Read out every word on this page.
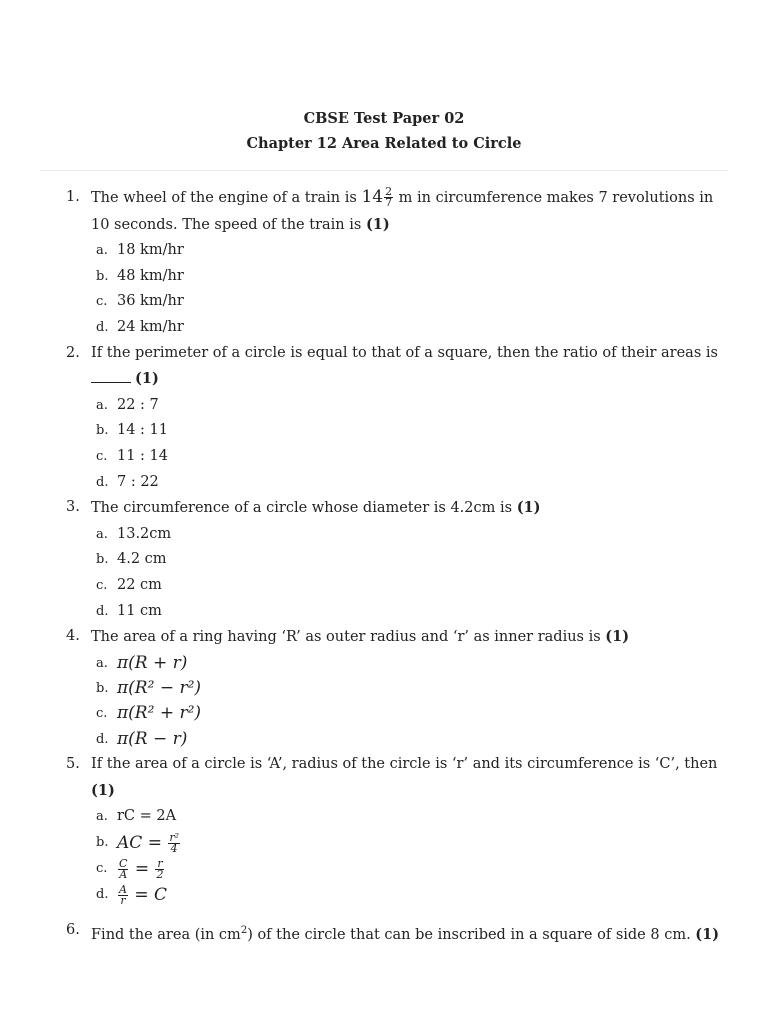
CBSE Test Paper 02
Chapter 12 Area Related to Circle
1. The wheel of the engine of a train is $14 \frac{2}{7}$ m in circumference makes 7 revolutions in 10 seconds. The speed of the train is (1)
a. 18 km/hr
b. 48 km/hr
c. 36 km/hr
d. 24 km/hr
2. If the perimeter of a circle is equal to that of a square, then the ratio of their areas is
(1)
a. 22 : 7
b. 14 : 11
c. 11 : 14
d. 7 : 22
3. The circumference of a circle whose diameter is 4.2cm is (1)
a. 13.2cm
b. 4.2 cm
c. 22 cm
d. 11 cm
4. The area of a ring having ‘R’ as outer radius and ‘r’ as inner radius is (1)
a. π(R + r)
b. π(R² − r²)
c. π(R² + r²)
d. π(R − r)
5. If the area of a circle is ‘A’, radius of the circle is ‘r’ and its circumference is ‘C’, then (1)
a. rC = 2A
b. AC = $\frac{\text{r²}}{4}$
c. $\frac{C}{A} = \frac{r}{2}$
d. $\frac{A}{r} = C$
6. Find the area (in $cm^2$) of the circle that can be inscribed in a square of side 8 cm. (1)
